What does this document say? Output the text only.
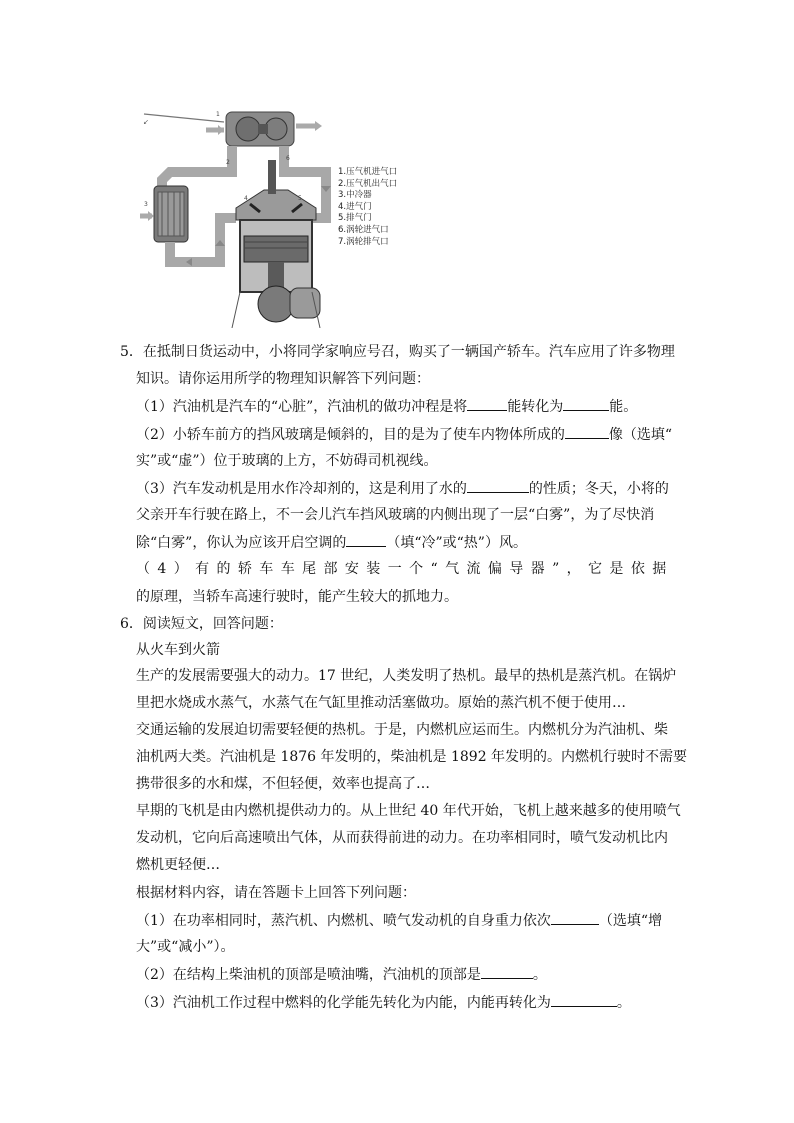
↙
1
2
3
4	5
6
1.压气机进气口
2.压气机出气口
3.中冷器
4.进气门
5.排气门
6.涡轮进气口
7.涡轮排气口
5．在抵制日货运动中，小将同学家响应号召，购买了一辆国产轿车。汽车应用了许多物理
知识。请你运用所学的物理知识解答下列问题：
（1）汽油机是汽车的“心脏”，汽油机的做功冲程是将	能转化为	能。
（2）小轿车前方的挡风玻璃是倾斜的，目的是为了使车内物体所成的	像（选填“
实”或“虚”）位于玻璃的上方，不妨碍司机视线。
（3）汽车发动机是用水作冷却剂的，这是利用了水的	的性质；冬天，小将的
父亲开车行驶在路上，不一会儿汽车挡风玻璃的内侧出现了一层“白雾”，为了尽快消
除“白雾”，你认为应该开启空调的	（填“冷”或“热”）风。
（4）有的轿车车尾部安装一个“气流偏导器”，它是依据
的原理，当轿车高速行驶时，能产生较大的抓地力。
6．阅读短文，回答问题：
从火车到火箭
生产的发展需要强大的动力。17 世纪，人类发明了热机。最早的热机是蒸汽机。在锅炉
里把水烧成水蒸气，水蒸气在气缸里推动活塞做功。原始的蒸汽机不便于使用…
交通运输的发展迫切需要轻便的热机。于是，内燃机应运而生。内燃机分为汽油机、柴
油机两大类。汽油机是 1876 年发明的，柴油机是 1892 年发明的。内燃机行驶时不需要
携带很多的水和煤，不但轻便，效率也提高了…
早期的飞机是由内燃机提供动力的。从上世纪 40 年代开始，飞机上越来越多的使用喷气
发动机，它向后高速喷出气体，从而获得前进的动力。在功率相同时，喷气发动机比内
燃机更轻便…
根据材料内容，请在答题卡上回答下列问题：
（1）在功率相同时，蒸汽机、内燃机、喷气发动机的自身重力依次	（选填“增
大”或“减小”）。
（2）在结构上柴油机的顶部是喷油嘴，汽油机的顶部是	。
（3）汽油机工作过程中燃料的化学能先转化为内能，内能再转化为	。
